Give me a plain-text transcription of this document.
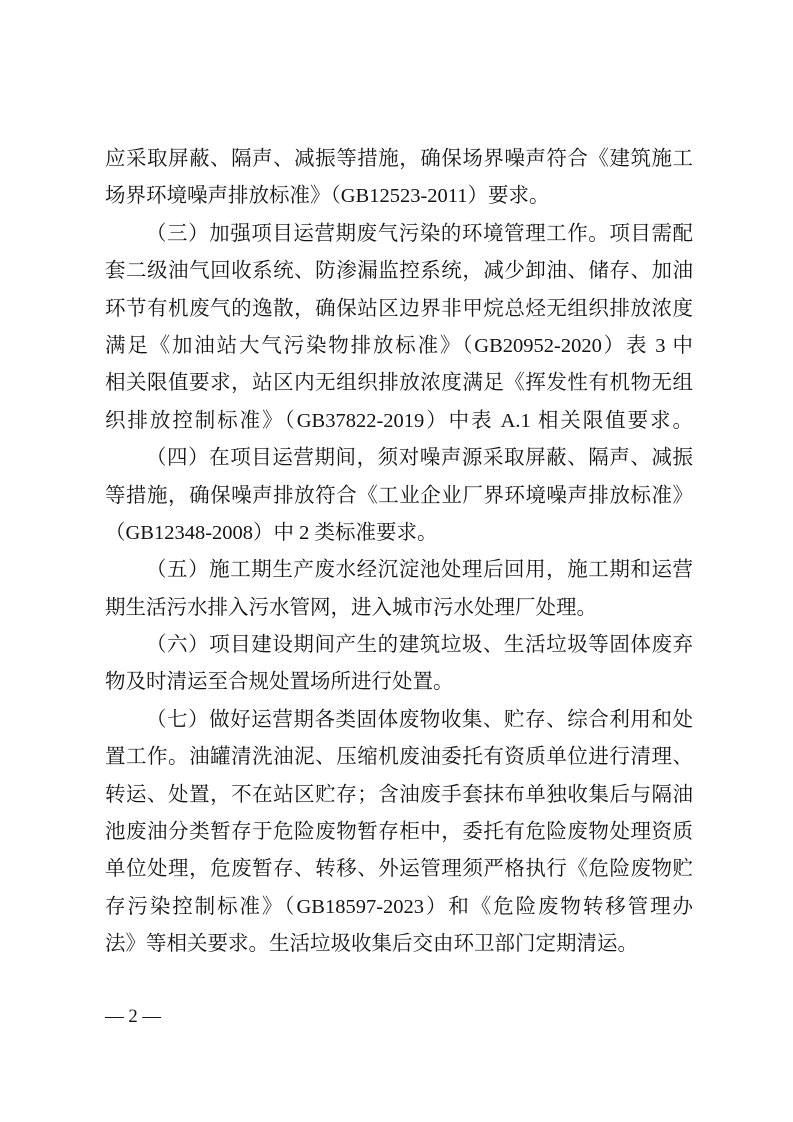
应采取屏蔽、隔声、减振等措施，确保场界噪声符合《建筑施工
场界环境噪声排放标准》（GB12523-2011）要求。
（三）加强项目运营期废气污染的环境管理工作。项目需配
套二级油气回收系统、防渗漏监控系统，减少卸油、储存、加油
环节有机废气的逸散，确保站区边界非甲烷总烃无组织排放浓度
满足《加油站大气污染物排放标准》（GB20952-2020）表 3 中
相关限值要求，站区内无组织排放浓度满足《挥发性有机物无组
织排放控制标准》（GB37822-2019）中表 A.1 相关限值要求。
（四）在项目运营期间，须对噪声源采取屏蔽、隔声、减振
等措施，确保噪声排放符合《工业企业厂界环境噪声排放标准》
（GB12348-2008）中 2 类标准要求。
（五）施工期生产废水经沉淀池处理后回用，施工期和运营
期生活污水排入污水管网，进入城市污水处理厂处理。
（六）项目建设期间产生的建筑垃圾、生活垃圾等固体废弃
物及时清运至合规处置场所进行处置。
（七）做好运营期各类固体废物收集、贮存、综合利用和处
置工作。油罐清洗油泥、压缩机废油委托有资质单位进行清理、
转运、处置，不在站区贮存；含油废手套抹布单独收集后与隔油
池废油分类暂存于危险废物暂存柜中，委托有危险废物处理资质
单位处理，危废暂存、转移、外运管理须严格执行《危险废物贮
存污染控制标准》（GB18597-2023）和《危险废物转移管理办
法》等相关要求。生活垃圾收集后交由环卫部门定期清运。
— 2 —
